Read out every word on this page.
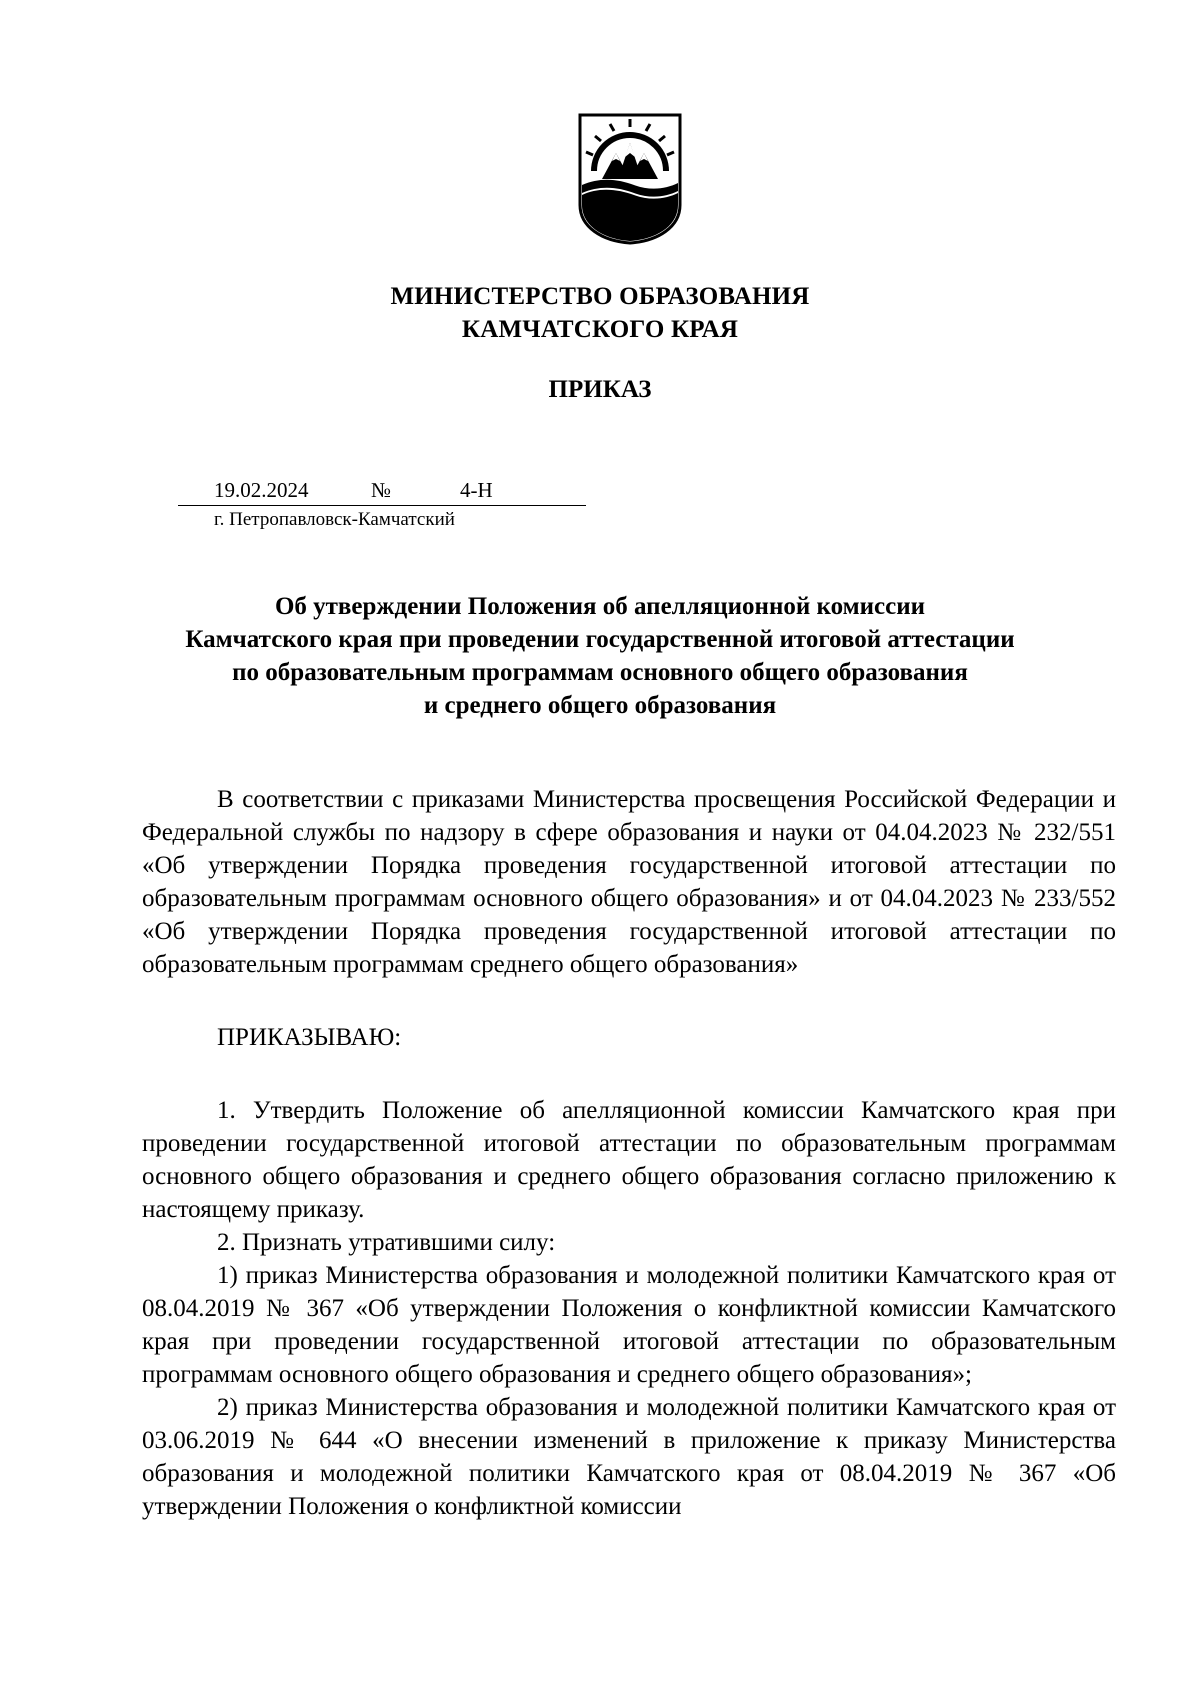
МИНИСТЕРСТВО ОБРАЗОВАНИЯ
КАМЧАТСКОГО КРАЯ
ПРИКАЗ
19.02.2024	№	4-Н
г. Петропавловск-Камчатский
Об утверждении Положения об апелляционной комиссии
Камчатского края при проведении государственной итоговой аттестации
по образовательным программам основного общего образования
и среднего общего образования

В соответствии с приказами Министерства просвещения Российской Федерации и Федеральной службы по надзору в сфере образования и науки от 04.04.2023 № 232/551 «Об утверждении Порядка проведения государственной итоговой аттестации по образовательным программам основного общего образования» и от 04.04.2023 № 233/552 «Об утверждении Порядка проведения государственной итоговой аттестации по образовательным программам среднего общего образования»

ПРИКАЗЫВАЮ:

1. Утвердить Положение об апелляционной комиссии Камчатского края при проведении государственной итоговой аттестации по образовательным программам основного общего образования и среднего общего образования согласно приложению к настоящему приказу.

2. Признать утратившими силу:

1) приказ Министерства образования и молодежной политики Камчатского края от 08.04.2019 № 367 «Об утверждении Положения о конфликтной комиссии Камчатского края при проведении государственной итоговой аттестации по образовательным программам основного общего образования и среднего общего образования»;

2) приказ Министерства образования и молодежной политики Камчатского края от 03.06.2019 № 644 «О внесении изменений в приложение к приказу Министерства образования и молодежной политики Камчатского края от 08.04.2019 № 367 «Об утверждении Положения о конфликтной комиссии
